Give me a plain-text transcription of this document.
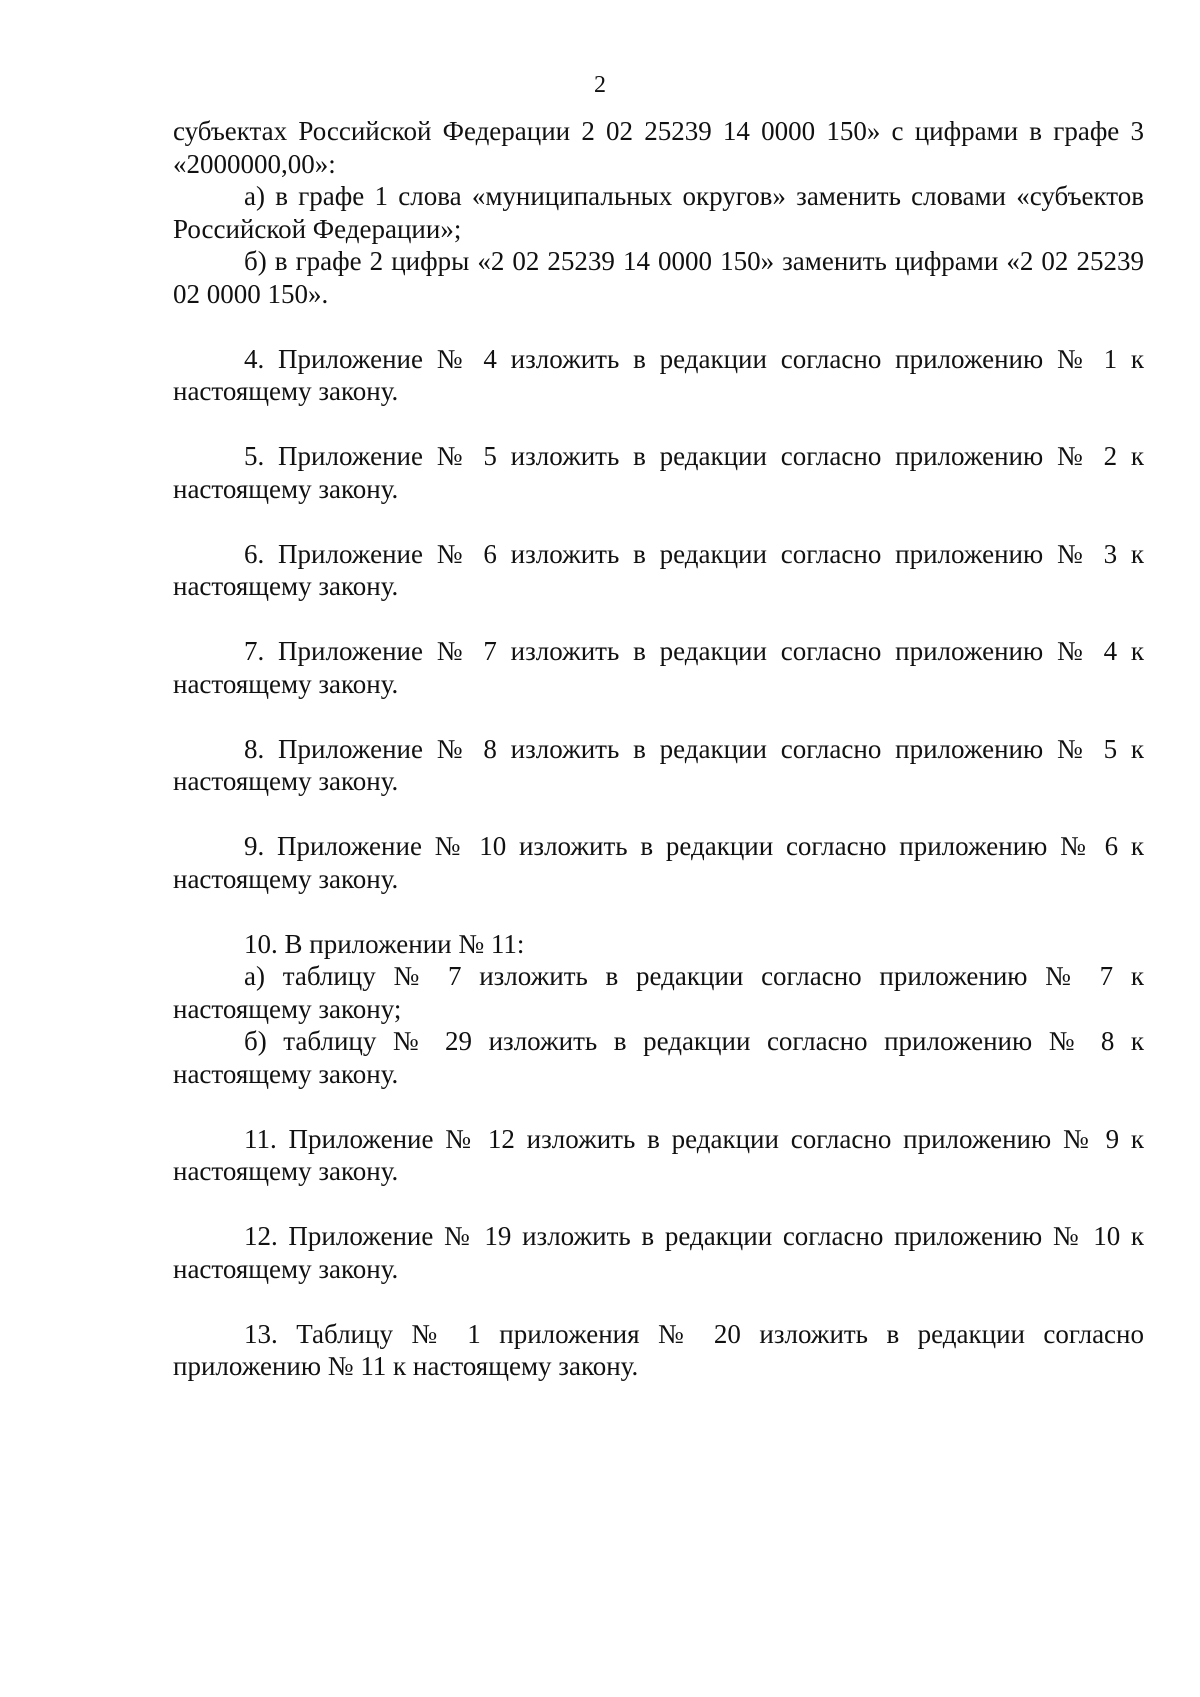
2

субъектах Российской Федерации 2 02 25239 14 0000 150» с цифрами в графе 3 «2000000,00»:

а) в графе 1 слова «муниципальных округов» заменить словами «субъектов Российской Федерации»;

б) в графе 2 цифры «2 02 25239 14 0000 150» заменить цифрами «2 02 25239 02 0000 150».

4. Приложение № 4 изложить в редакции согласно приложению № 1 к настоящему закону.

5. Приложение № 5 изложить в редакции согласно приложению № 2 к настоящему закону.

6. Приложение № 6 изложить в редакции согласно приложению № 3 к настоящему закону.

7. Приложение № 7 изложить в редакции согласно приложению № 4 к настоящему закону.

8. Приложение № 8 изложить в редакции согласно приложению № 5 к настоящему закону.

9. Приложение № 10 изложить в редакции согласно приложению № 6 к настоящему закону.

10. В приложении № 11:

а) таблицу № 7 изложить в редакции согласно приложению № 7 к настоящему закону;

б) таблицу № 29 изложить в редакции согласно приложению № 8 к настоящему закону.

11. Приложение № 12 изложить в редакции согласно приложению № 9 к настоящему закону.

12. Приложение № 19 изложить в редакции согласно приложению № 10 к настоящему закону.

13. Таблицу № 1 приложения № 20 изложить в редакции согласно приложению № 11 к настоящему закону.
